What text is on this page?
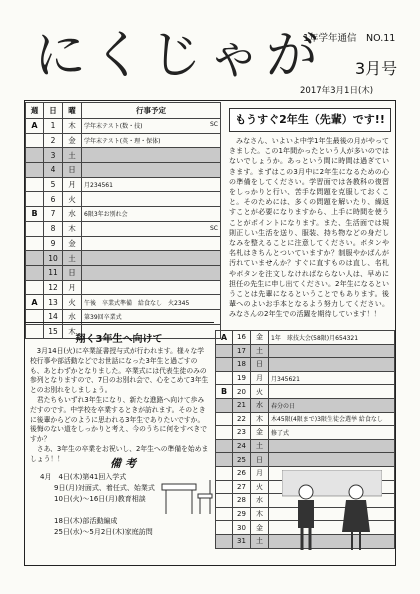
にくじゃが
1年学年通信　NO.11
3月号
2017年3月1日(木)
週	日	曜	行事予定
A	1	木	学年末テスト(数・技) SC

	2	金	学年末テスト(英・理・保体)

	3	土	

	4	日	

	5	月	月234561

	6	火	

B	7	水	6限3年お別れ会

	8	木	SC

	9	金	

	10	土	

	11	日	

	12	月	

A	13	火	午後　卒業式準備　給食なし　火2345

	14	水	第39回卒業式

	15	木	
もうすぐ2年生（先輩）です!!
　みなさん、いよいよ中学1年生最後の月がやってきました。この1年間かったという人が多いのではないでしょうか。あっという間に時間は過ぎていきます。まずはこの3月中に2年生になるための心の準備をしてください。学習面では各教科の復習をしっかりと行い、苦手な問題を克服しておくこと。そのためには、多くの問題を解いたり、繰返すことが必要になりますから、上手に時間を使うことがポイントになります。また、生活面では規則正しい生活を送り、服装、持ち物などの身だしなみを整えることに注意してください。ボタンや名札はきちんとついていますか？制服やかばんが汚れていませんか？すぐに直すものは直し、名札やボタンを注文しなければならない人は、早めに担任の先生に申し出てください。2年生になるということは先輩になるということでもあります。後輩へのよいお手本となるよう努力してください。みなさんの2年生での活躍を期待しています！！
翔く3年生へ向けて
　3月14日(火)に卒業証書授与式が行われます。様々な学校行事や部活動などでお世話になった3年生と過ごすのも、あとわずかとなりました。卒業式には代表生徒のみの参列となりますので、7日のお別れ会で、心をこめて3年生とのお別れをしましょう。
　君たちもいずれ3年生になり、新たな進路へ向けて歩みだすのです。中学校を卒業するときが訪れます。そのときに後輩からどのように思われる3年生でありたいですか。後悔のない道をしっかりと考え、今のうちに何をすべきですか？
　さあ、3年生の卒業をお祝いし、2年生への準備を始めましょう！！	備考
4月　4日(木)第41回入学式
　　9日(月)対面式、着任式、始業式
　　10日(火)〜16日(月)教育相談

　　18日(木)部活動編成
　　25日(水)〜5月2日(木)家庭訪問
A	16	金	1年　球技大会(58限)月654321
	17	土	
	18	日	
	19	月	月345621
B	20	火	
	21	水	春分の日
	22	木	木45限(4限まで)3限生徒会選挙 給食なし
	23	金	修了式
	24	土	
	25	日	
	26	月	
	27	火	
	28	水	
	29	木	
	30	金	
	31	土	
